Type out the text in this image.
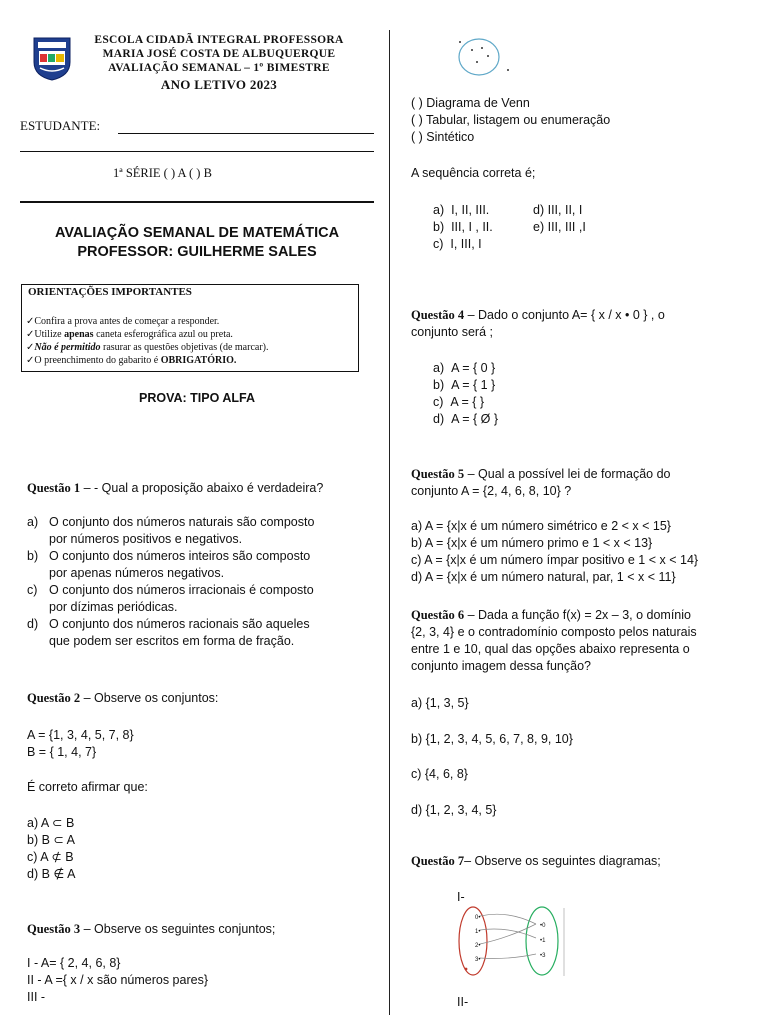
ESCOLA CIDADÃ INTEGRAL PROFESSORA
MARIA JOSÉ COSTA DE ALBUQUERQUE
AVALIAÇÃO SEMANAL – 1º BIMESTRE
ANO LETIVO 2023
ESTUDANTE:
1ª SÉRIE ( ) A ( ) B
AVALIAÇÃO SEMANAL DE MATEMÁTICA
PROFESSOR: GUILHERME SALES
ORIENTAÇÕES IMPORTANTES
✓Confira a prova antes de começar a responder.
✓Utilize apenas caneta esferográfica azul ou preta.
✓Não é permitido rasurar as questões objetivas (de marcar).
✓O preenchimento do gabarito é OBRIGATÓRIO.
PROVA: TIPO ALFA
Questão 1 – - Qual a proposição abaixo é verdadeira?
a) O conjunto dos números naturais são composto
por números positivos e negativos.
b) O conjunto dos números inteiros são composto
por apenas números negativos.
c) O conjunto dos números irracionais é composto
por dízimas periódicas.
d) O conjunto dos números racionais são aqueles
que podem ser escritos em forma de fração.
Questão 2 – Observe os conjuntos:
A = {1, 3, 4, 5, 7, 8}
B = { 1, 4, 7}
É correto afirmar que:
a) A ⊂ B
b) B ⊂ A
c) A ⊄ B
d) B ∉ A
Questão 3 – Observe os seguintes conjuntos;
I - A= { 2, 4, 6, 8}
II - A ={ x / x são números pares}
III -
( ) Diagrama de Venn
( ) Tabular, listagem ou enumeração
( ) Sintético
A sequência correta é;
a) I, II, III.	d) III, II, I
b) III, I , II.	e) III, III ,I
c) I, III, I
Questão 4 – Dado o conjunto A= { x / x • 0 } , o
conjunto será ;
a) A = { 0 }
b) A = { 1 }
c) A = { }
d) A = { Ø }
Questão 5 – Qual a possível lei de formação do
conjunto A = {2, 4, 6, 8, 10} ?
a) A = {x|x é um número simétrico e 2 < x < 15}
b) A = {x|x é um número primo e 1 < x < 13}
c) A = {x|x é um número ímpar positivo e 1 < x < 14}
d) A = {x|x é um número natural, par, 1 < x < 11}
Questão 6 – Dada a função f(x) = 2x – 3, o domínio
{2, 3, 4} e o contradomínio composto pelos naturais
entre 1 e 10, qual das opções abaixo representa o
conjunto imagem dessa função?
a) {1, 3, 5}
b) {1, 2, 3, 4, 5, 6, 7, 8, 9, 10}
c) {4, 6, 8}
d) {1, 2, 3, 4, 5}
Questão 7– Observe os seguintes diagramas;
I-
0•
1•
2•
3•
•0
•1
•3
II-
